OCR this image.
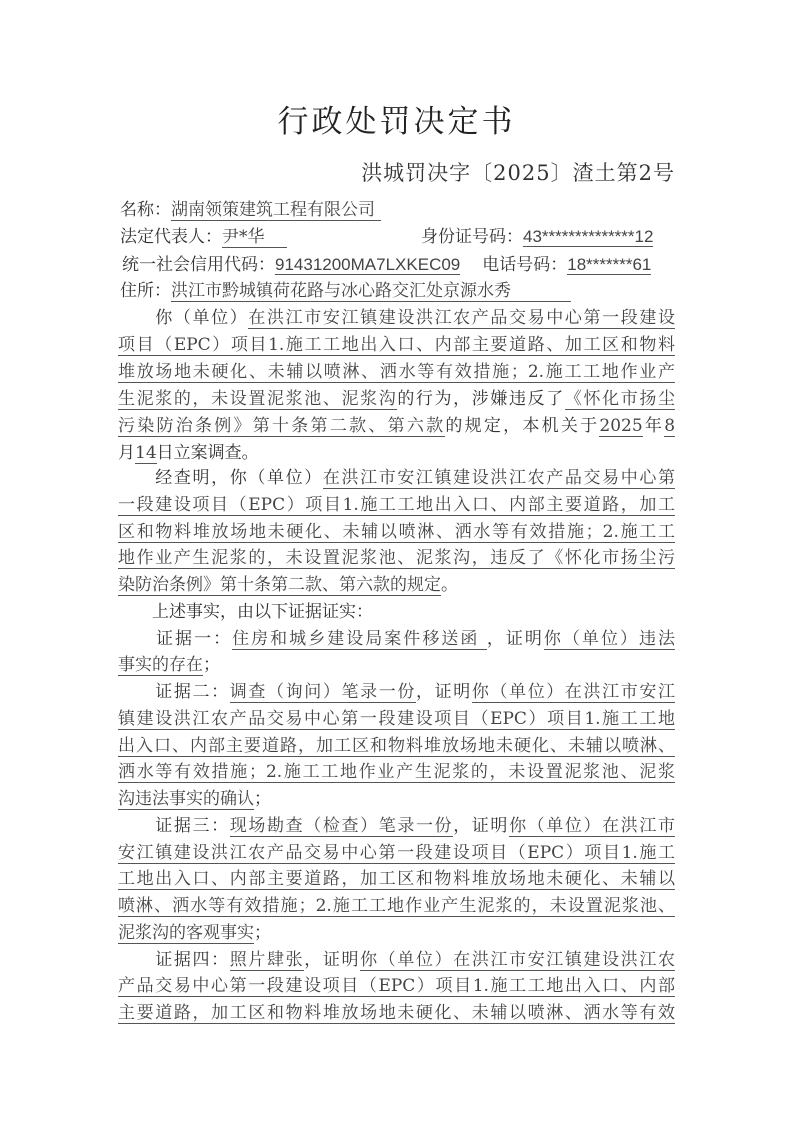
行政处罚决定书
洪城罚决字〔2025〕渣土第2号
名称：湖南领策建筑工程有限公司
法定代表人：尹*华	身份证号码：43**************12
统一社会信用代码：91431200MA7LXKEC09 电话号码：18*******61
住所：洪江市黔城镇荷花路与冰心路交汇处京源水秀
　　你（单位）在洪江市安江镇建设洪江农产品交易中心第一段建设
项目（EPC）项目1.施工工地出入口、内部主要道路、加工区和物料
堆放场地未硬化、未辅以喷淋、洒水等有效措施；2.施工工地作业产
生泥浆的，未设置泥浆池、泥浆沟的行为，涉嫌违反了《怀化市扬尘
污染防治条例》第十条第二款、第六款的规定，本机关于2025年8
月14日立案调查。
　　经查明，你（单位）在洪江市安江镇建设洪江农产品交易中心第
一段建设项目（EPC）项目1.施工工地出入口、内部主要道路，加工
区和物料堆放场地未硬化、未辅以喷淋、洒水等有效措施；2.施工工
地作业产生泥浆的，未设置泥浆池、泥浆沟，违反了《怀化市扬尘污
染防治条例》第十条第二款、第六款的规定。
　　上述事实，由以下证据证实：
　　证据一：住房和城乡建设局案件移送函 ，证明你（单位）违法
事实的存在；
　　证据二：调查（询问）笔录一份，证明你（单位）在洪江市安江
镇建设洪江农产品交易中心第一段建设项目（EPC）项目1.施工工地
出入口、内部主要道路，加工区和物料堆放场地未硬化、未辅以喷淋、
洒水等有效措施；2.施工工地作业产生泥浆的，未设置泥浆池、泥浆
沟违法事实的确认；
　　证据三：现场勘查（检查）笔录一份，证明你（单位）在洪江市
安江镇建设洪江农产品交易中心第一段建设项目（EPC）项目1.施工
工地出入口、内部主要道路，加工区和物料堆放场地未硬化、未辅以
喷淋、洒水等有效措施；2.施工工地作业产生泥浆的，未设置泥浆池、
泥浆沟的客观事实；
　　证据四：照片肆张，证明你（单位）在洪江市安江镇建设洪江农
产品交易中心第一段建设项目（EPC）项目1.施工工地出入口、内部
主要道路，加工区和物料堆放场地未硬化、未辅以喷淋、洒水等有效
